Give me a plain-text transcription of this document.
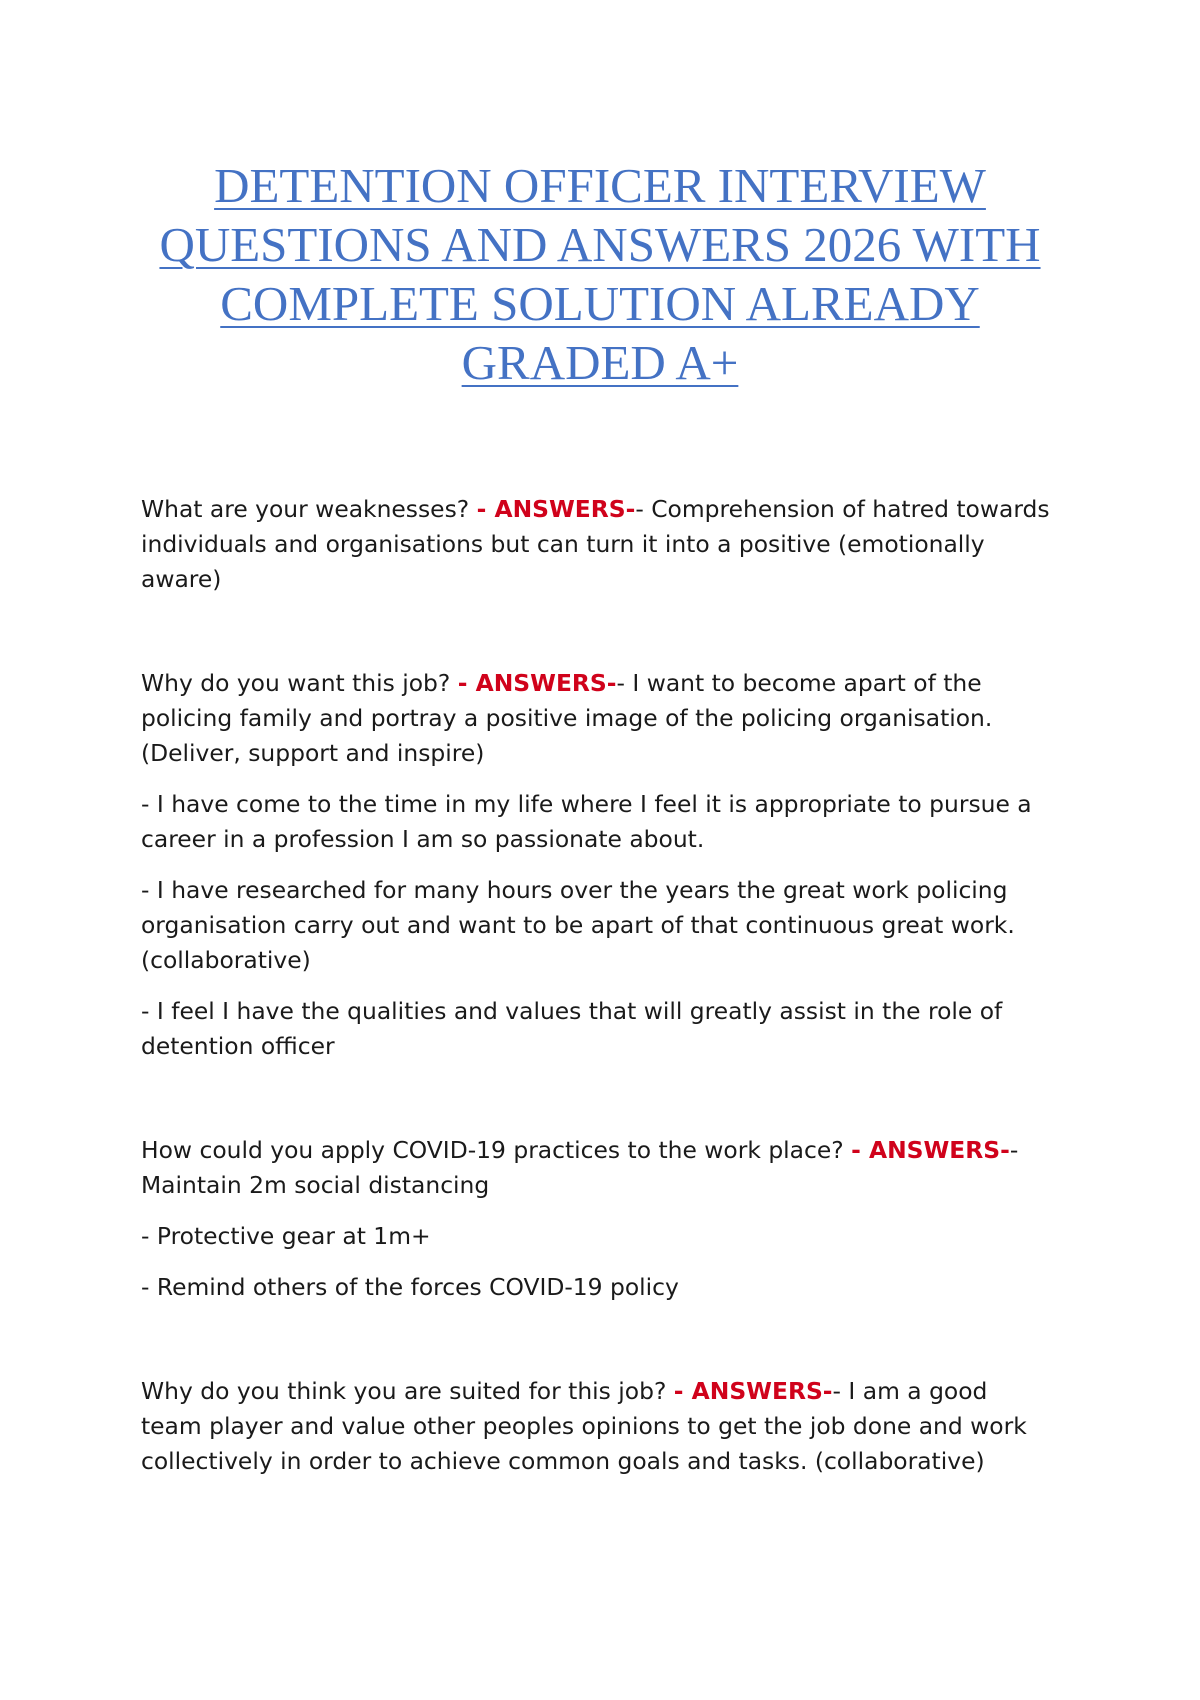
DETENTION OFFICER INTERVIEW
QUESTIONS AND ANSWERS 2026 WITH
COMPLETE SOLUTION ALREADY
GRADED A+
What are your weaknesses? - ANSWERS-- Comprehension of hatred towards
individuals and organisations but can turn it into a positive (emotionally
aware)
Why do you want this job? - ANSWERS-- I want to become apart of the
policing family and portray a positive image of the policing organisation.
(Deliver, support and inspire)
- I have come to the time in my life where I feel it is appropriate to pursue a
career in a profession I am so passionate about.
- I have researched for many hours over the years the great work policing
organisation carry out and want to be apart of that continuous great work.
(collaborative)
- I feel I have the qualities and values that will greatly assist in the role of
detention officer
How could you apply COVID-19 practices to the work place? - ANSWERS--
Maintain 2m social distancing
- Protective gear at 1m+
- Remind others of the forces COVID-19 policy
Why do you think you are suited for this job? - ANSWERS-- I am a good
team player and value other peoples opinions to get the job done and work
collectively in order to achieve common goals and tasks. (collaborative)
